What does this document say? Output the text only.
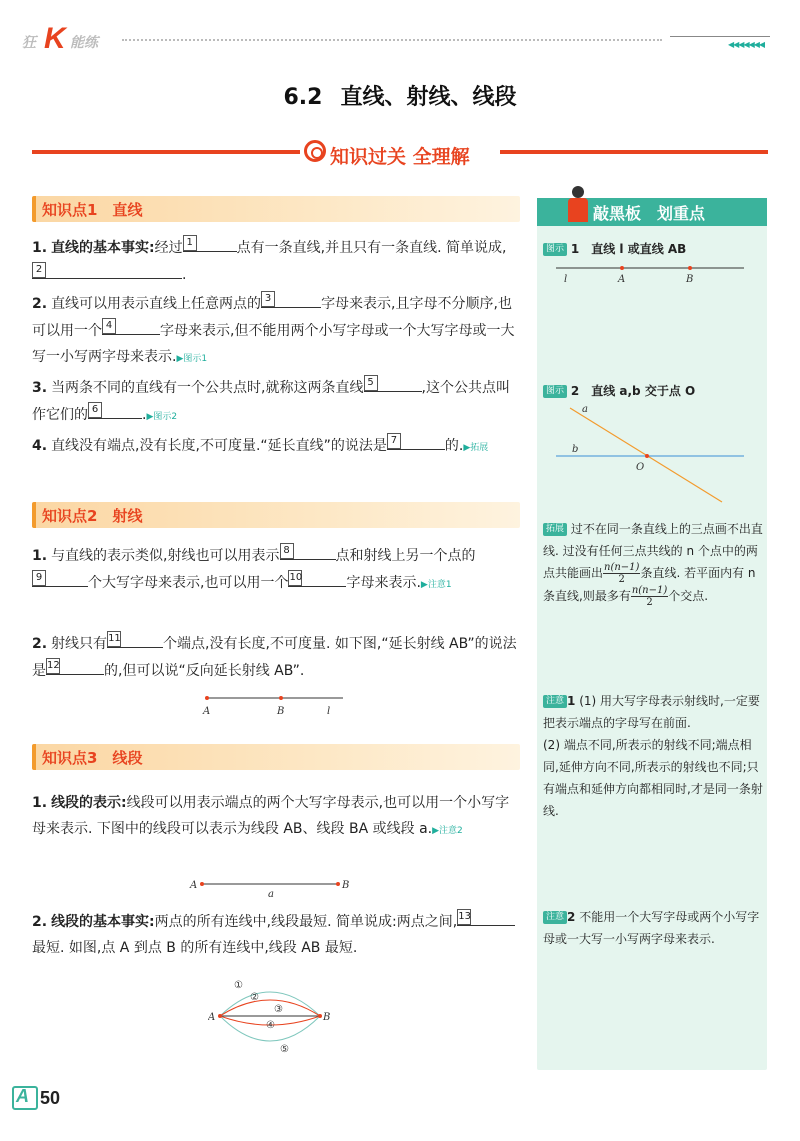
狂 K 能练	◀◀◀◀◀◀◀
6.2 直线、射线、线段
知识过关 全理解
知识点1　直线
1. 直线的基本事实:经过 1	点有一条直线,并且只有一条直线. 简单说成,
2	.
2. 直线可以用表示直线上任意两点的 3	字母来表示,且字母不分顺序,也可以用一个 4	字母来表示,但不能用两个小写字母或一个大写字母或一大写一小写两字母来表示.▶图示1
3. 当两条不同的直线有一个公共点时,就称这两条直线 5	,这个公共点叫作它们的 6	.▶图示2
4. 直线没有端点,没有长度,不可度量.“延长直线”的说法是 7	的.▶拓展
知识点2　射线
1. 与直线的表示类似,射线也可以用表示 8	点和射线上另一个点的
9	个大写字母来表示,也可以用一个 10	字母来表示.▶注意1
2. 射线只有 11	个端点,没有长度,不可度量. 如下图,“延长射线 AB”的说法是 12	的,但可以说“反向延长射线 AB”.
A	B	l
知识点3　线段
1. 线段的表示:线段可以用表示端点的两个大写字母表示,也可以用一个小写字母来表示. 下图中的线段可以表示为线段 AB、线段 BA 或线段 a.▶注意2
A	B
a
2. 线段的基本事实:两点的所有连线中,线段最短. 简单说成:两点之间, 13
最短. 如图,点 A 到点 B 的所有连线中,线段 AB 最短.
A	B
①
②
③
④
⑤
敲黑板　划重点
图示 1　 直线 l 或直线 AB
l	A	B
图示 2　 直线 a,b 交于点 O
a
b
O
拓展 过不在同一条直线上的三点画不出直线. 过没有任何三点共线的 n 个点中的两点共能画出 $\frac{n(n-1)}{2}$ 条直线. 若平面内有 n 条直线,则最多有 $\frac{n(n-1)}{2}$ 个交点.
注意 1 (1) 用大写字母表示射线时,一定要把表示端点的字母写在前面.
(2) 端点不同,所表示的射线不同;端点相同,延伸方向不同,所表示的射线也不同;只有端点和延伸方向都相同时,才是同一条射线.
注意 2 不能用一个大写字母或两个小写字母或一大写一小写两字母来表示.
A 50
